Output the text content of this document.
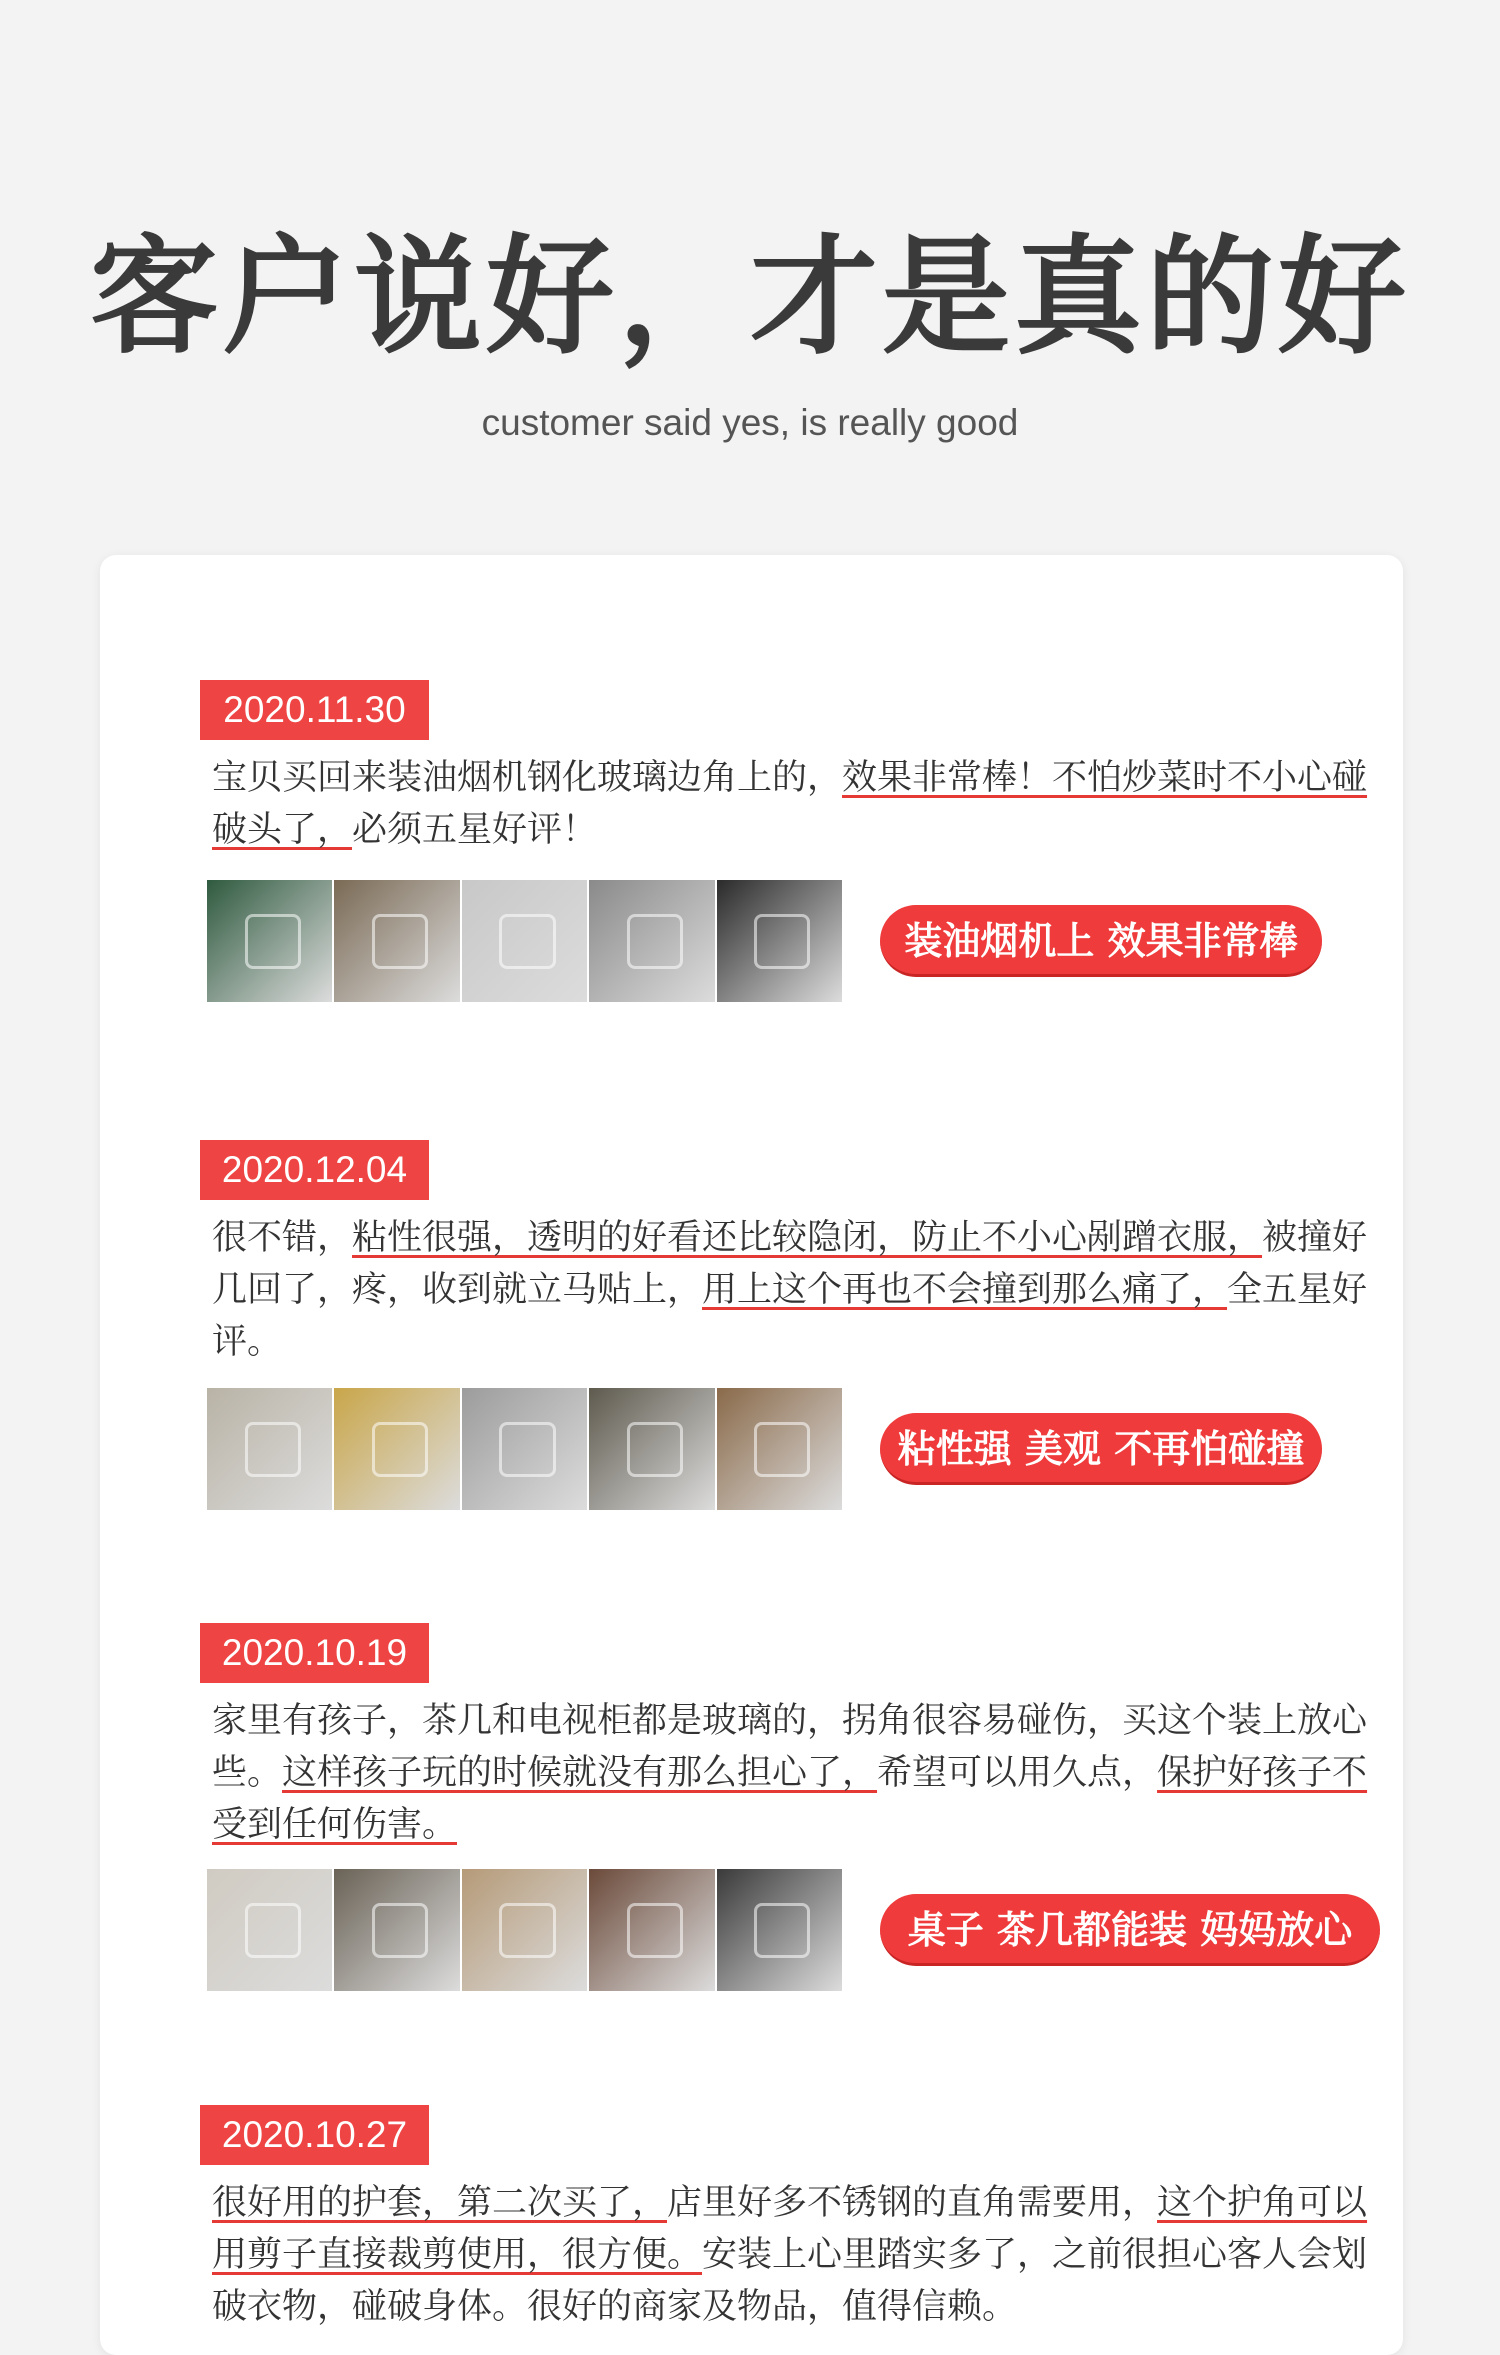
客户说好，才是真的好
customer said yes, is really good
2020.11.30
宝贝买回来装油烟机钢化玻璃边角上的，效果非常棒！不怕炒菜时不小心碰破头了，必须五星好评！
装油烟机上 效果非常棒
2020.12.04
很不错，粘性很强，透明的好看还比较隐闭，防止不小心剐蹭衣服，被撞好几回了，疼，收到就立马贴上，用上这个再也不会撞到那么痛了，全五星好评。
粘性强 美观 不再怕碰撞
2020.10.19
家里有孩子，茶几和电视柜都是玻璃的，拐角很容易碰伤，买这个装上放心些。这样孩子玩的时候就没有那么担心了，希望可以用久点，保护好孩子不受到任何伤害。
桌子 茶几都能装 妈妈放心
2020.10.27
很好用的护套，第二次买了，店里好多不锈钢的直角需要用，这个护角可以用剪子直接裁剪使用，很方便。安装上心里踏实多了，之前很担心客人会划破衣物，碰破身体。很好的商家及物品，值得信赖。
